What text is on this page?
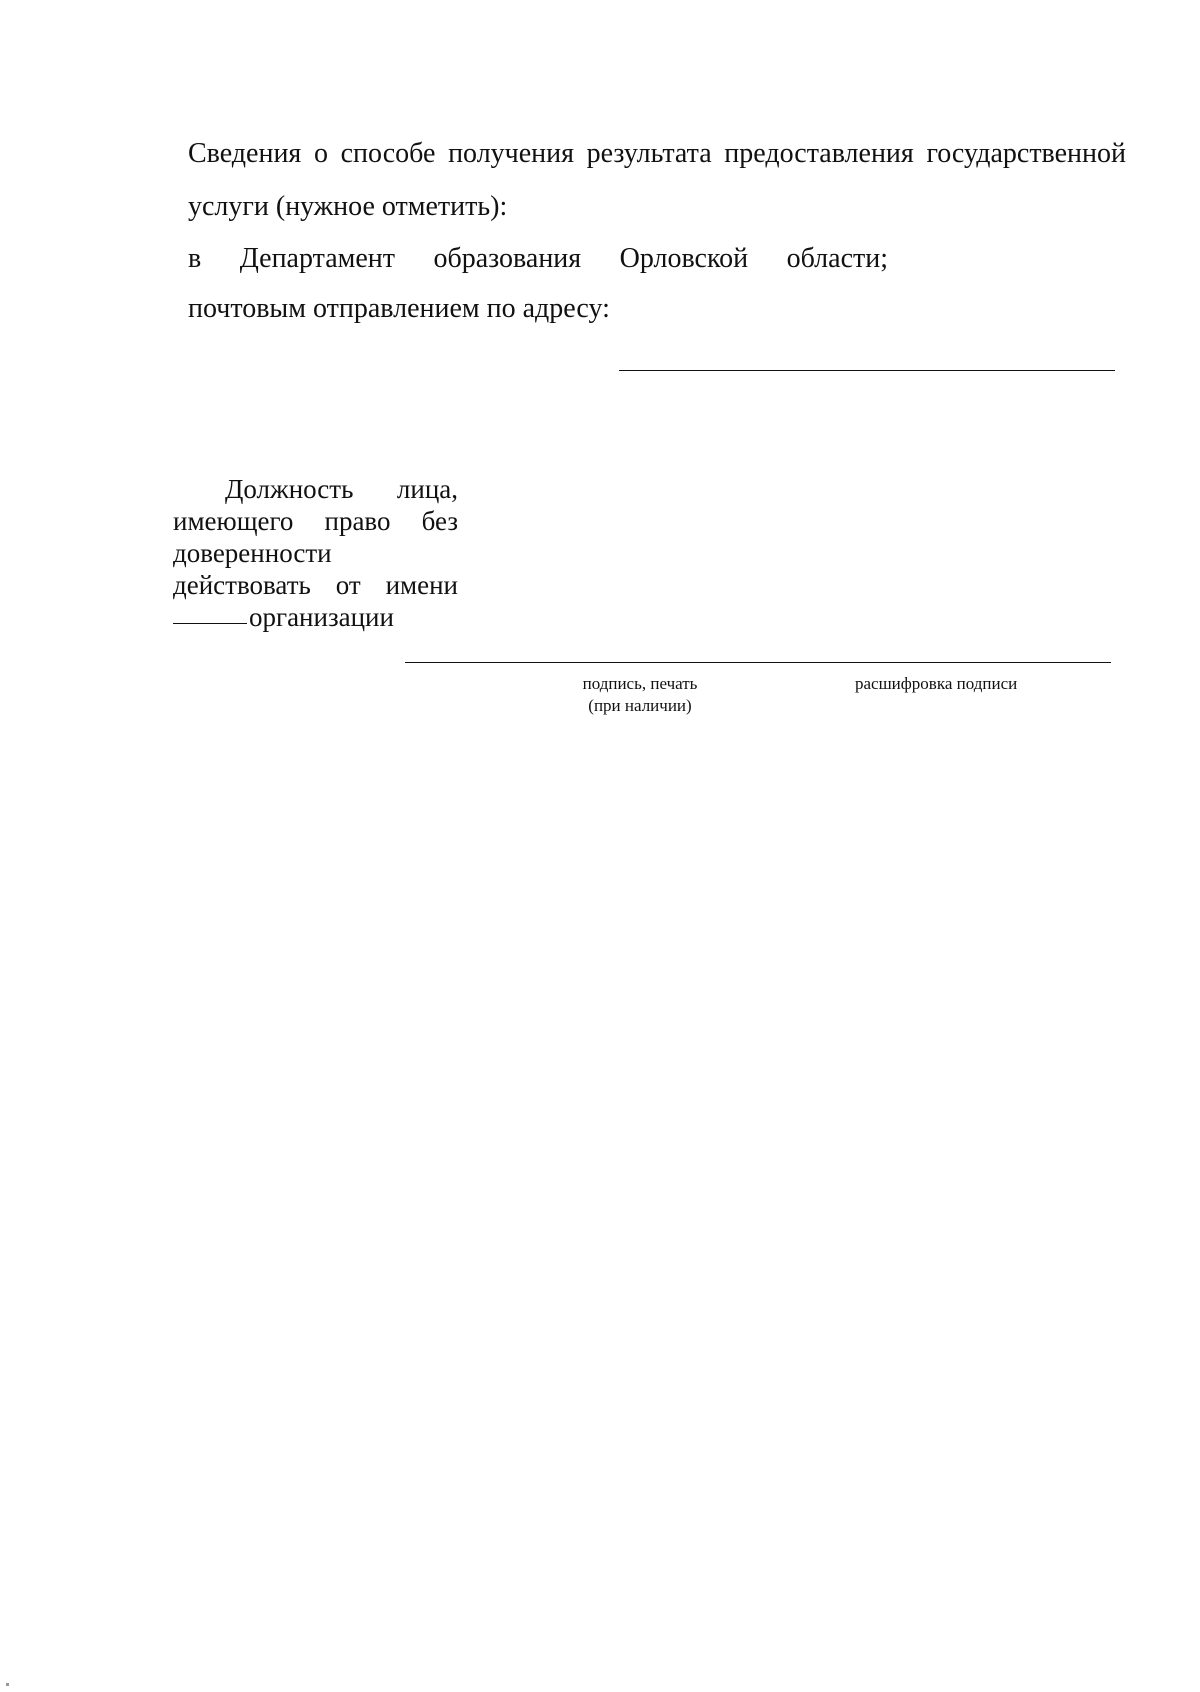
Сведения о способе получения результата предоставления государственной
услуги (нужное отметить):
в Департамент образования Орловской области;
почтовым отправлением по адресу:
Должность лица,
имеющего право без
доверенности
действовать от имени
организации
подпись, печать
(при наличии)
расшифровка подписи
